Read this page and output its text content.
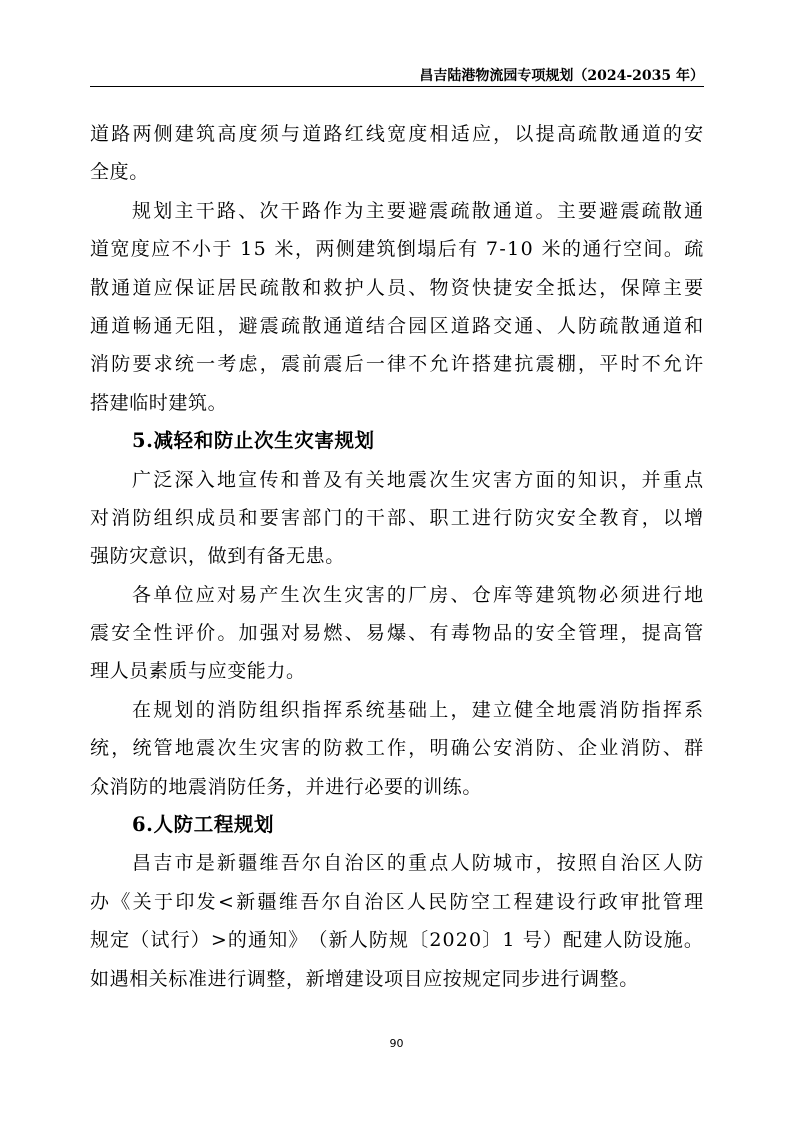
昌吉陆港物流园专项规划（2024-2035 年）
道 路 两 侧 建 筑 高 度 须 与 道 路 红 线 宽 度 相 适 应 ， 以 提 高 疏 散 通 道 的 安
全度。
规 划 主 干 路 、 次 干 路 作 为 主 要 避 震 疏 散 通 道 。 主 要 避 震 疏 散 通
道 宽 度 应 不 小 于
1 5
米 ， 两 侧 建 筑 倒 塌 后 有
7 - 1 0
米 的 通 行 空 间 。 疏
散 通 道 应 保 证 居 民 疏 散 和 救 护 人 员 、 物 资 快 捷 安 全 抵 达 ， 保 障 主 要
通 道 畅 通 无 阻 ， 避 震 疏 散 通 道 结 合 园 区 道 路 交 通 、 人 防 疏 散 通 道 和
消 防 要 求 统 一 考 虑 ， 震 前 震 后 一 律 不 允 许 搭 建 抗 震 棚 ， 平 时 不 允 许
搭建临时建筑。
5.减轻和防止次生灾害规划
广 泛 深 入 地 宣 传 和 普 及 有 关 地 震 次 生 灾 害 方 面 的 知 识 ， 并 重 点
对 消 防 组 织 成 员 和 要 害 部 门 的 干 部 、 职 工 进 行 防 灾 安 全 教 育 ， 以 增
强防灾意识，做到有备无患。
各 单 位 应 对 易 产 生 次 生 灾 害 的 厂 房 、 仓 库 等 建 筑 物 必 须 进 行 地
震 安 全 性 评 价 。 加 强 对 易 燃 、 易 爆 、 有 毒 物 品 的 安 全 管 理 ， 提 高 管
理人员素质与应变能力。
在 规 划 的 消 防 组 织 指 挥 系 统 基 础 上 ， 建 立 健 全 地 震 消 防 指 挥 系
统 ， 统 管 地 震 次 生 灾 害 的 防 救 工 作 ， 明 确 公 安 消 防 、 企 业 消 防 、 群
众消防的地震消防任务，并进行必要的训练。
6.人防工程规划
昌 吉 市 是 新 疆 维 吾 尔 自 治 区 的 重 点 人 防 城 市 ， 按 照 自 治 区 人 防
办 《 关 于 印 发 < 新 疆 维 吾 尔 自 治 区 人 民 防 空 工 程 建 设 行 政 审 批 管 理
规 定 （ 试 行 ） > 的 通 知 》 （ 新 人 防 规 〔 2 0 2 0 〕 1
号 ） 配 建 人 防 设 施 。
如遇相关标准进行调整，新增建设项目应按规定同步进行调整。
90
